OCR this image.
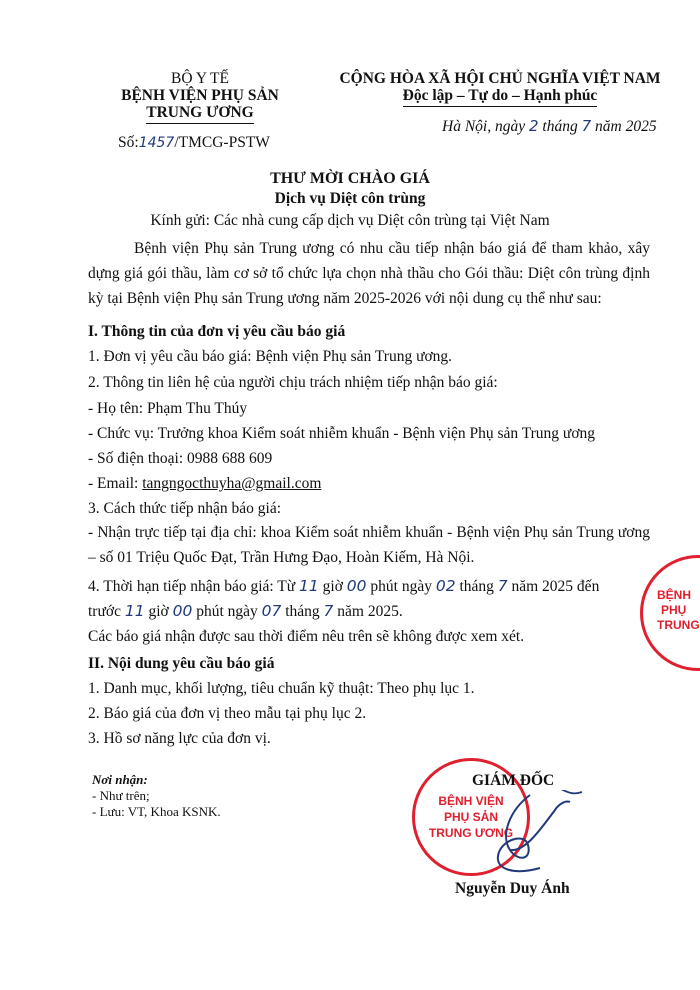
BỘ Y TẾ
BỆNH VIỆN PHỤ SẢN
TRUNG ƯƠNG
Số:1457/TMCG-PSTW
CỘNG HÒA XÃ HỘI CHỦ NGHĨA VIỆT NAM
Độc lập – Tự do – Hạnh phúc
Hà Nội, ngày 2 tháng 7 năm 2025
THƯ MỜI CHÀO GIÁ
Dịch vụ Diệt côn trùng
Kính gửi: Các nhà cung cấp dịch vụ Diệt côn trùng tại Việt Nam
Bệnh viện Phụ sản Trung ương có nhu cầu tiếp nhận báo giá để tham khảo, xây dựng giá gói thầu, làm cơ sở tổ chức lựa chọn nhà thầu cho Gói thầu: Diệt côn trùng định kỳ tại Bệnh viện Phụ sản Trung ương năm 2025-2026 với nội dung cụ thể như sau:
I. Thông tin của đơn vị yêu cầu báo giá
1. Đơn vị yêu cầu báo giá: Bệnh viện Phụ sản Trung ương.
2. Thông tin liên hệ của người chịu trách nhiệm tiếp nhận báo giá:
- Họ tên: Phạm Thu Thúy
- Chức vụ: Trưởng khoa Kiểm soát nhiễm khuẩn - Bệnh viện Phụ sản Trung ương
- Số điện thoại: 0988 688 609
- Email: tangngocthuyha@gmail.com
3. Cách thức tiếp nhận báo giá:
- Nhận trực tiếp tại địa chỉ: khoa Kiểm soát nhiễm khuẩn - Bệnh viện Phụ sản Trung ương – số 01 Triệu Quốc Đạt, Trần Hưng Đạo, Hoàn Kiếm, Hà Nội.
4. Thời hạn tiếp nhận báo giá: Từ 11 giờ 00 phút ngày 02 tháng 7 năm 2025 đến
trước 11 giờ 00 phút ngày 07 tháng 7 năm 2025.
Các báo giá nhận được sau thời điểm nêu trên sẽ không được xem xét.
II. Nội dung yêu cầu báo giá
1. Danh mục, khối lượng, tiêu chuẩn kỹ thuật: Theo phụ lục 1.
2. Báo giá của đơn vị theo mẫu tại phụ lục 2.
3. Hồ sơ năng lực của đơn vị.
Nơi nhận:
- Như trên;
- Lưu: VT, Khoa KSNK.
BỆNH
PHỤ
TRUNG
BỆNH VIỆN
PHỤ SẢN
TRUNG ƯƠNG
GIÁM ĐỐC
Nguyễn Duy Ánh
